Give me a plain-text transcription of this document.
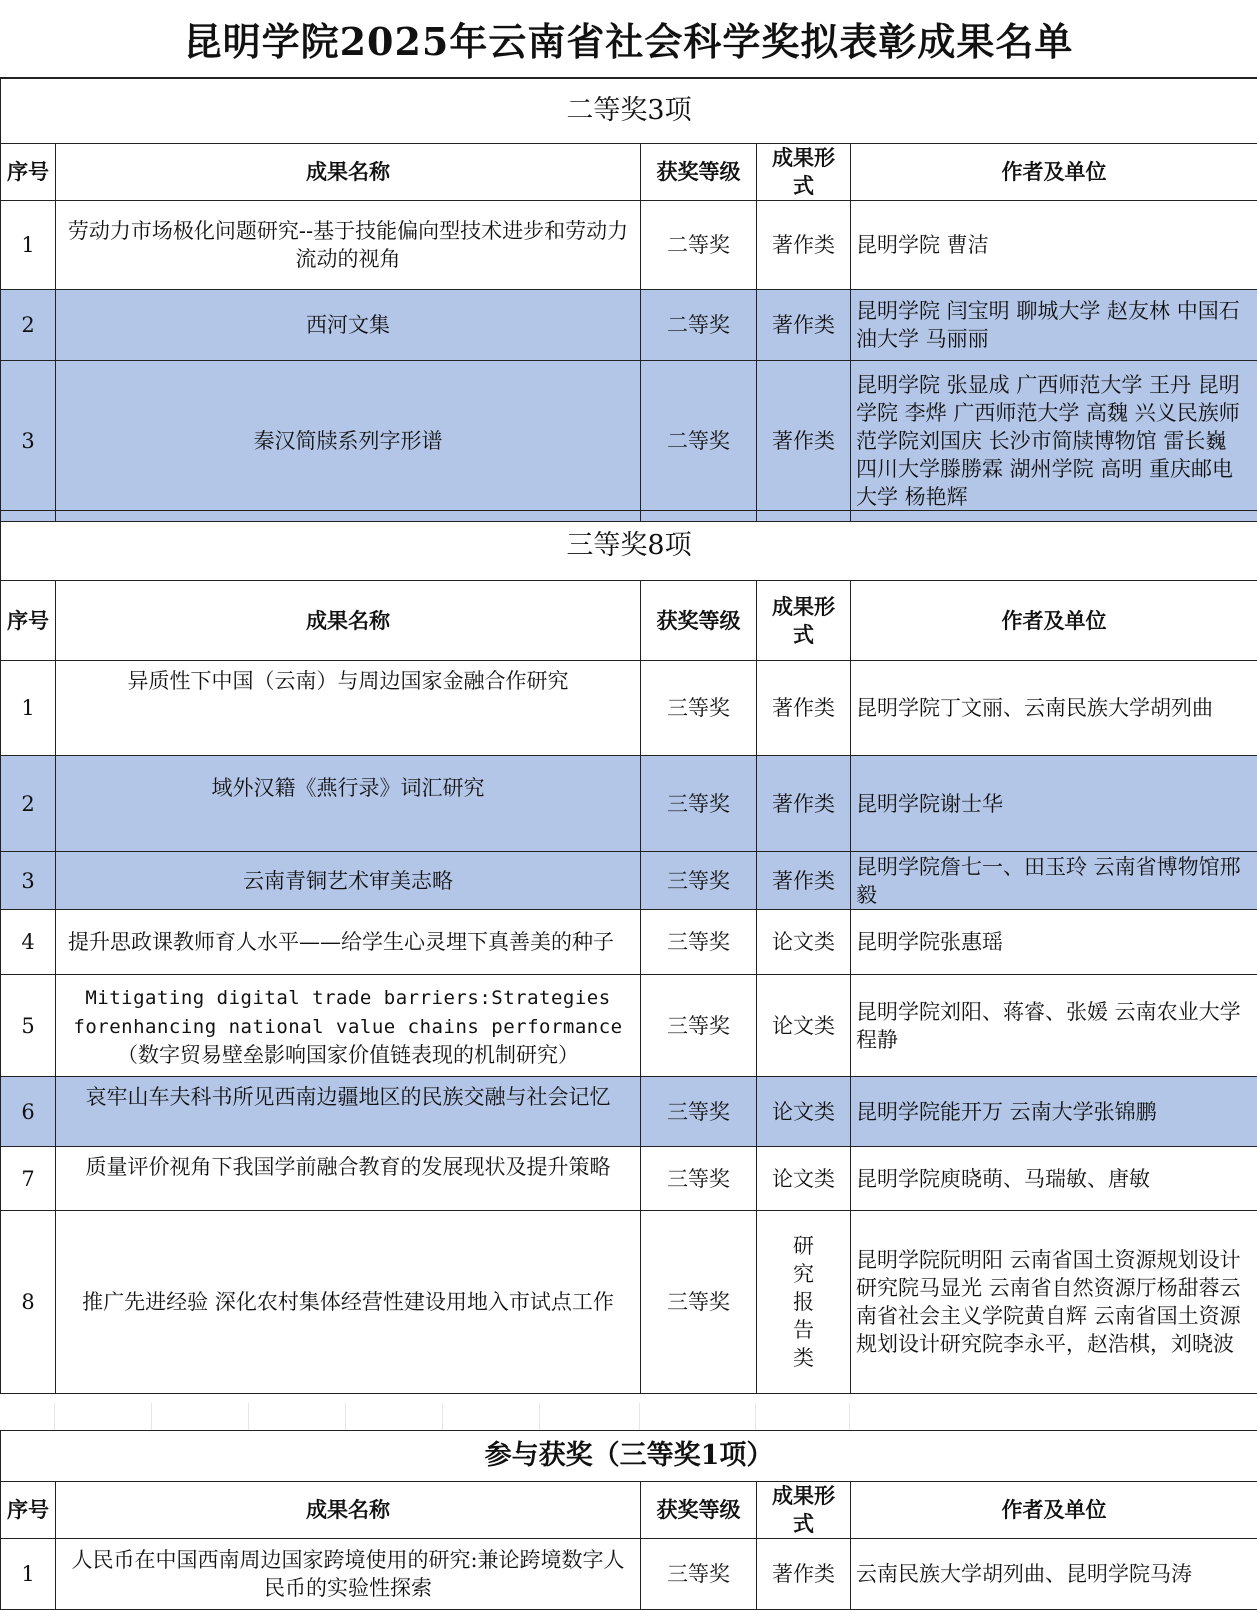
昆明学院2025年云南省社会科学奖拟表彰成果名单
二等奖3项				
序号	成果名称	获奖等级	成果形式	作者及单位
1	劳动力市场极化问题研究--基于技能偏向型技术进步和劳动力流动的视角	二等奖	著作类	昆明学院 曹洁
2	西河文集	二等奖	著作类	昆明学院 闫宝明 聊城大学 赵友林 中国石油大学 马丽丽
3	秦汉简牍系列字形谱	二等奖	著作类	昆明学院 张显成 广西师范大学 王丹 昆明学院 李烨 广西师范大学 高魏 兴义民族师范学院刘国庆 长沙市简牍博物馆 雷长巍 四川大学滕勝霖 湖州学院 高明 重庆邮电大学 杨艳辉
三等奖8项				
序号	成果名称	获奖等级	成果形式	作者及单位
1	异质性下中国（云南）与周边国家金融合作研究	三等奖	著作类	昆明学院丁文丽、云南民族大学胡列曲
2	域外汉籍《燕行录》词汇研究	三等奖	著作类	昆明学院谢士华
3	云南青铜艺术审美志略	三等奖	著作类	昆明学院詹七一、田玉玲 云南省博物馆邢毅
4	提升思政课教师育人水平——给学生心灵埋下真善美的种子	三等奖	论文类	昆明学院张惠瑶
5	Mitigating digital trade barriers:Strategies forenhancing national value chains performance（数字贸易壁垒影响国家价值链表现的机制研究）	三等奖	论文类	昆明学院刘阳、蒋睿、张媛 云南农业大学程静
6	哀牢山车夫科书所见西南边疆地区的民族交融与社会记忆	三等奖	论文类	昆明学院能开万 云南大学张锦鹏
7	质量评价视角下我国学前融合教育的发展现状及提升策略	三等奖	论文类	昆明学院庾晓萌、马瑞敏、唐敏
8	推广先进经验 深化农村集体经营性建设用地入市试点工作	三等奖	研究报告类	昆明学院阮明阳 云南省国土资源规划设计研究院马显光 云南省自然资源厅杨甜蓉云南省社会主义学院黄自辉 云南省国土资源规划设计研究院李永平，赵浩棋，刘晓波
参与获奖（三等奖1项）				
序号	成果名称	获奖等级	成果形式	作者及单位
1	人民币在中国西南周边国家跨境使用的研究:兼论跨境数字人民币的实验性探索	三等奖	著作类	云南民族大学胡列曲、昆明学院马涛
